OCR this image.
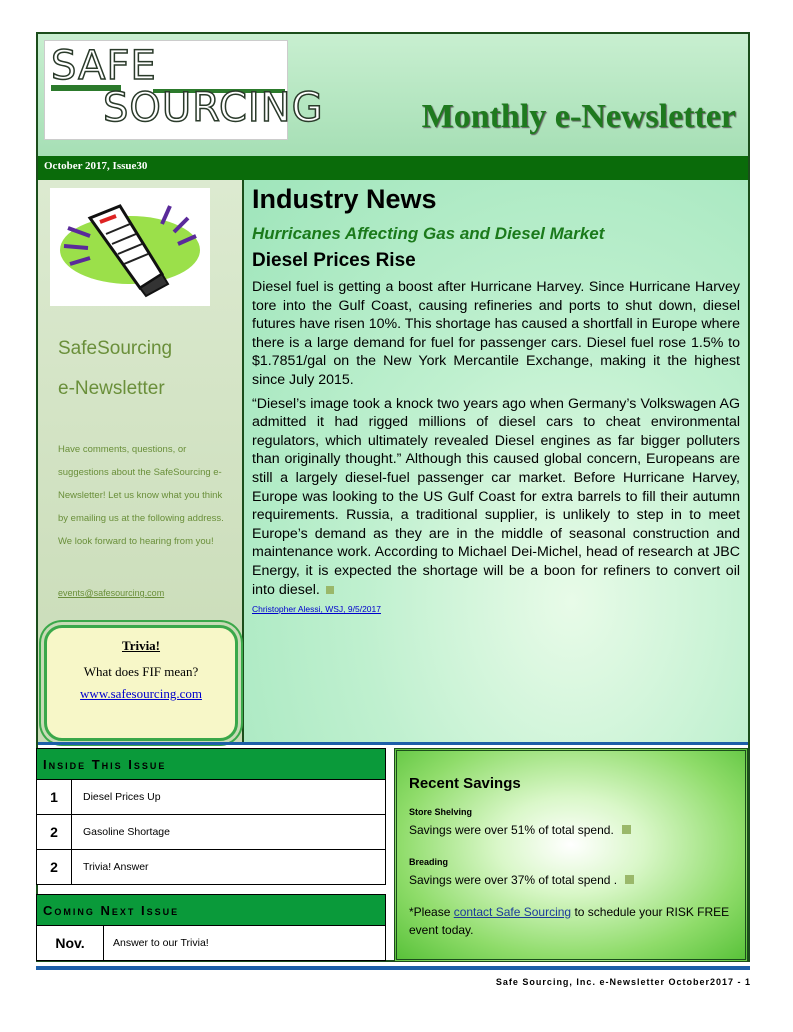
SAFE
SOURCING	Monthly e-Newsletter
October 2017, Issue30
SafeSourcing
e-Newsletter
Have comments, questions, or suggestions about the SafeSourcing e-Newsletter! Let us know what you think by emailing us at the following address. We look forward to hearing from you!
events@safesourcing.com
Trivia!
What does FIF mean?
www.safesourcing.com
Industry News
Hurricanes Affecting Gas and Diesel Market
Diesel Prices Rise

Diesel fuel is getting a boost after Hurricane Harvey. Since Hurricane Harvey tore into the Gulf Coast, causing refineries and ports to shut down, diesel futures have risen 10%. This shortage has caused a shortfall in Europe where there is a large demand for fuel for passenger cars. Diesel fuel rose 1.5% to $1.7851/gal on the New York Mercantile Exchange, making it the highest since July 2015.

“Diesel’s image took a knock two years ago when Germany’s Volkswagen AG admitted it had rigged millions of diesel cars to cheat environmental regulators, which ultimately revealed Diesel engines as far bigger polluters than originally thought.” Although this caused global concern, Europeans are still a largely diesel-fuel passenger car market. Before Hurricane Harvey, Europe was looking to the US Gulf Coast for extra barrels to fill their autumn requirements. Russia, a traditional supplier, is unlikely to step in to meet Europe’s demand as they are in the middle of seasonal construction and maintenance work. According to Michael Dei-Michel, head of research at JBC Energy, it is expected the shortage will be a boon for refiners to convert oil into diesel.
Christopher Alessi, WSJ, 9/5/2017

Inside This Issue
1	Diesel Prices Up
2	Gasoline Shortage
2	Trivia! Answer
Coming Next Issue
Nov.	Answer to our Trivia!
Recent Savings
Store Shelving
Savings were over 51% of total spend.
Breading
Savings were over 37% of total spend .
*Please contact Safe Sourcing to schedule your RISK FREE event today.
Safe Sourcing, Inc. e-Newsletter October2017 - 1
